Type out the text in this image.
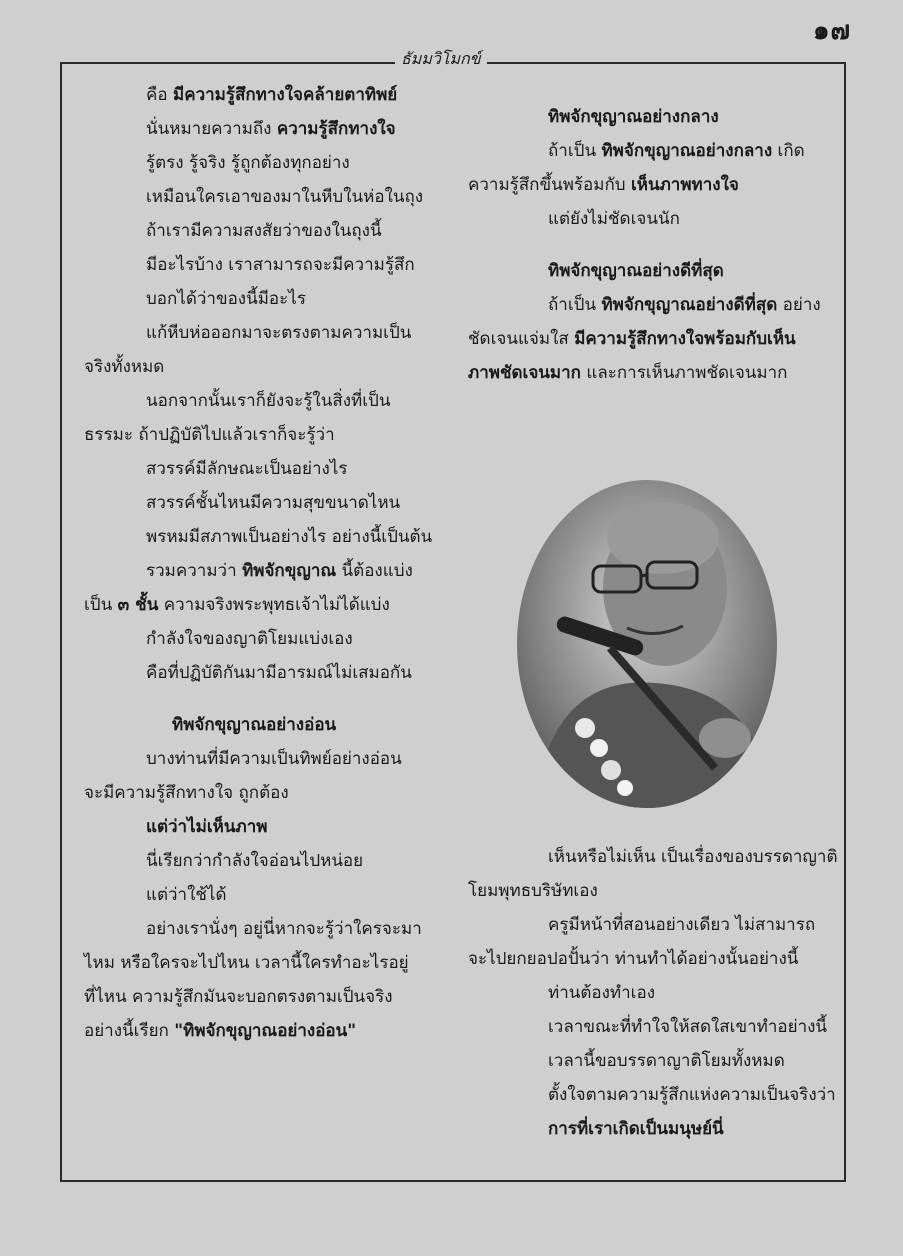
๑๗
ธัมมวิโมกข์

คือ มีความรู้สึกทางใจคล้ายตาทิพย์

นั่นหมายความถึง ความรู้สึกทางใจ

รู้ตรง รู้จริง รู้ถูกต้องทุกอย่าง

เหมือนใครเอาของมาในหีบในห่อในถุง

ถ้าเรามีความสงสัยว่าของในถุงนี้

มีอะไรบ้าง เราสามารถจะมีความรู้สึก

บอกได้ว่าของนี้มีอะไร

แก้หีบห่อออกมาจะตรงตามความเป็น

จริงทั้งหมด

นอกจากนั้นเราก็ยังจะรู้ในสิ่งที่เป็น

ธรรมะ ถ้าปฏิบัติไปแล้วเราก็จะรู้ว่า

สวรรค์มีลักษณะเป็นอย่างไร

สวรรค์ชั้นไหนมีความสุขขนาดไหน

พรหมมีสภาพเป็นอย่างไร อย่างนี้เป็นต้น

รวมความว่า ทิพจักขุญาณ นี้ต้องแบ่ง

เป็น ๓ ชั้น ความจริงพระพุทธเจ้าไม่ได้แบ่ง

กำลังใจของญาติโยมแบ่งเอง

คือที่ปฏิบัติกันมามีอารมณ์ไม่เสมอกัน

ทิพจักขุญาณอย่างอ่อน

บางท่านที่มีความเป็นทิพย์อย่างอ่อน

จะมีความรู้สึกทางใจ ถูกต้อง

แต่ว่าไม่เห็นภาพ

นี่เรียกว่ากำลังใจอ่อนไปหน่อย

แต่ว่าใช้ได้

อย่างเรานั่งๆ อยู่นี่หากจะรู้ว่าใครจะมา

ไหม หรือใครจะไปไหน เวลานี้ใครทำอะไรอยู่

ที่ไหน ความรู้สึกมันจะบอกตรงตามเป็นจริง

อย่างนี้เรียก "ทิพจักขุญาณอย่างอ่อน"

ทิพจักขุญาณอย่างกลาง

ถ้าเป็น ทิพจักขุญาณอย่างกลาง เกิด

ความรู้สึกขึ้นพร้อมกับ เห็นภาพทางใจ

แต่ยังไม่ชัดเจนนัก

ทิพจักขุญาณอย่างดีที่สุด

ถ้าเป็น ทิพจักขุญาณอย่างดีที่สุด อย่าง

ชัดเจนแจ่มใส มีความรู้สึกทางใจพร้อมกับเห็น

ภาพชัดเจนมาก และการเห็นภาพชัดเจนมาก

เห็นหรือไม่เห็น เป็นเรื่องของบรรดาญาติ

โยมพุทธบริษัทเอง

ครูมีหน้าที่สอนอย่างเดียว ไม่สามารถ

จะไปยกยอปอปั้นว่า ท่านทำได้อย่างนั้นอย่างนี้

ท่านต้องทำเอง

เวลาขณะที่ทำใจให้สดใสเขาทำอย่างนี้

เวลานี้ขอบรรดาญาติโยมทั้งหมด

ตั้งใจตามความรู้สึกแห่งความเป็นจริงว่า

การที่เราเกิดเป็นมนุษย์นี่
